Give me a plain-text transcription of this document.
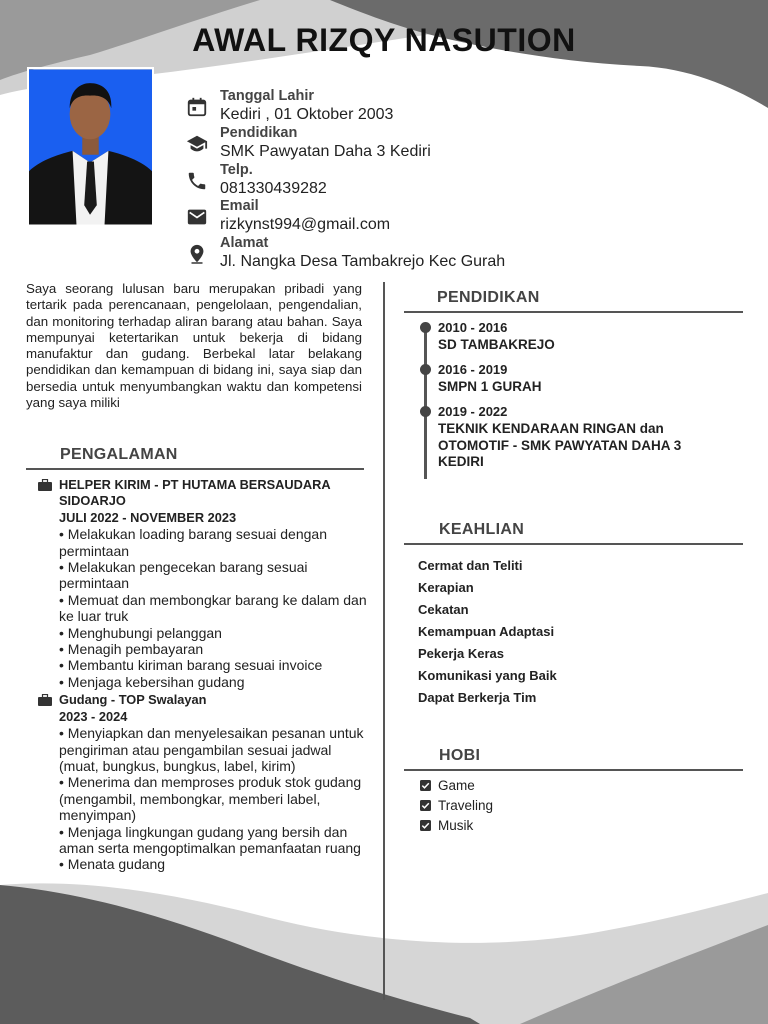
AWAL RIZQY NASUTION
Tanggal Lahir
Kediri , 01 Oktober 2003
Pendidikan
SMK Pawyatan Daha 3 Kediri
Telp.
081330439282
Email
rizkynst994@gmail.com
Alamat
Jl. Nangka Desa Tambakrejo Kec Gurah
Saya seorang lulusan baru merupakan pribadi yang tertarik pada perencanaan, pengelolaan, pengendalian, dan monitoring terhadap aliran barang atau bahan. Saya mempunyai ketertarikan untuk bekerja di bidang manufaktur dan gudang. Berbekal latar belakang pendidikan dan kemampuan di bidang ini, saya siap dan bersedia untuk menyumbangkan waktu dan kompetensi yang saya miliki
PENGALAMAN
HELPER KIRIM - PT HUTAMA BERSAUDARA SIDOARJO
JULI 2022 - NOVEMBER 2023
• Melakukan loading barang sesuai dengan permintaan
• Melakukan pengecekan barang sesuai permintaan
• Memuat dan membongkar barang ke dalam dan ke luar truk
• Menghubungi pelanggan
• Menagih pembayaran
• Membantu kiriman barang sesuai invoice
• Menjaga kebersihan gudang
Gudang - TOP Swalayan
2023 - 2024
• Menyiapkan dan menyelesaikan pesanan untuk pengiriman atau pengambilan sesuai jadwal (muat, bungkus, bungkus, label, kirim)
• Menerima dan memproses produk stok gudang (mengambil, membongkar, memberi label, menyimpan)
• Menjaga lingkungan gudang yang bersih dan aman serta mengoptimalkan pemanfaatan ruang
• Menata gudang
PENDIDIKAN
2010 - 2016
SD TAMBAKREJO
2016 - 2019
SMPN 1 GURAH
2019 - 2022
TEKNIK KENDARAAN RINGAN dan OTOMOTIF - SMK PAWYATAN DAHA 3 KEDIRI
KEAHLIAN
Cermat dan Teliti
Kerapian
Cekatan
Kemampuan Adaptasi
Pekerja Keras
Komunikasi yang Baik
Dapat Berkerja Tim
HOBI
Game
Traveling
Musik
